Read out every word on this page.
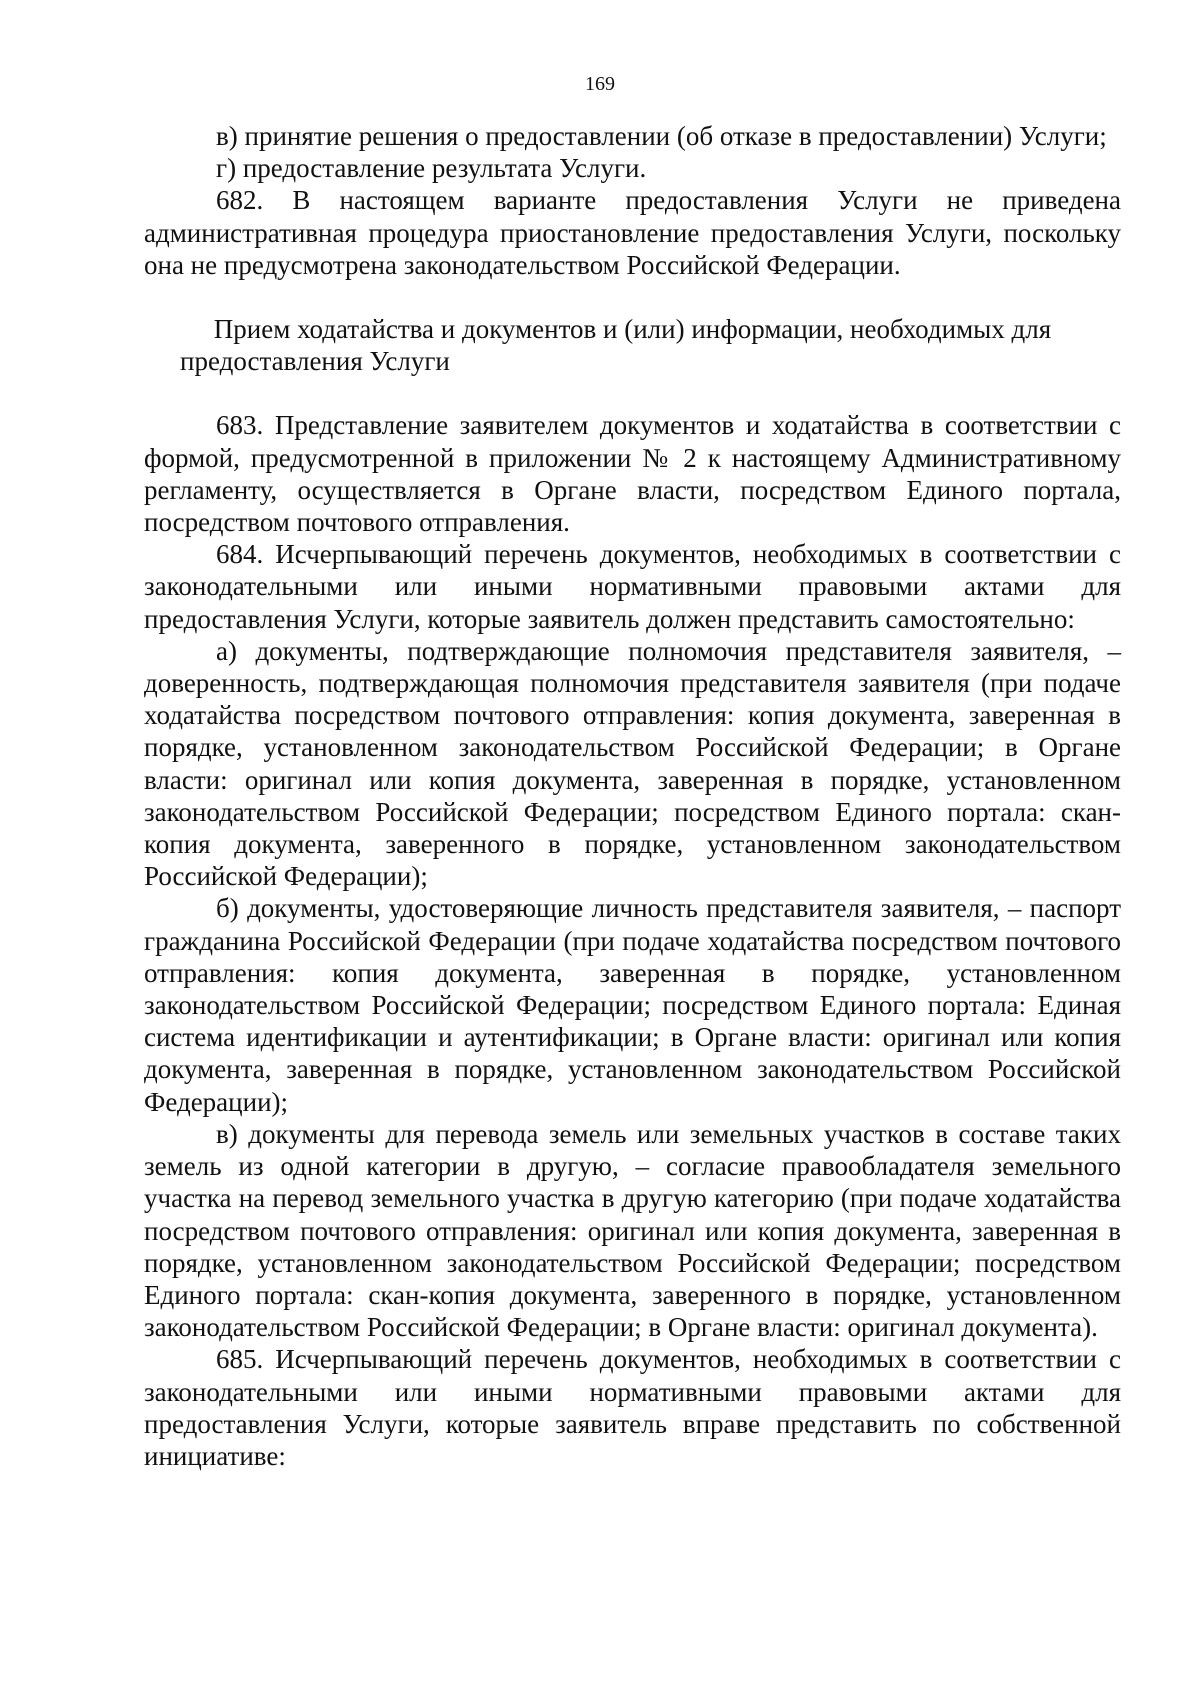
169

в) принятие решения о предоставлении (об отказе в предоставлении) Услуги;

г) предоставление результата Услуги.

682. В настоящем варианте предоставления Услуги не приведена административная процедура приостановление предоставления Услуги, поскольку она не предусмотрена законодательством Российской Федерации.

Прием ходатайства и документов и (или) информации, необходимых для предоставления Услуги

683. Представление заявителем документов и ходатайства в соответствии с формой, предусмотренной в приложении № 2 к настоящему Административному регламенту, осуществляется в Органе власти, посредством Единого портала, посредством почтового отправления.

684. Исчерпывающий перечень документов, необходимых в соответствии с законодательными или иными нормативными правовыми актами для предоставления Услуги, которые заявитель должен представить самостоятельно:

а) документы, подтверждающие полномочия представителя заявителя, – доверенность, подтверждающая полномочия представителя заявителя (при подаче ходатайства посредством почтового отправления: копия документа, заверенная в порядке, установленном законодательством Российской Федерации; в Органе власти: оригинал или копия документа, заверенная в порядке, установленном законодательством Российской Федерации; посредством Единого портала: скан-копия документа, заверенного в порядке, установленном законодательством Российской Федерации);

б) документы, удостоверяющие личность представителя заявителя, – паспорт гражданина Российской Федерации (при подаче ходатайства посредством почтового отправления: копия документа, заверенная в порядке, установленном законодательством Российской Федерации; посредством Единого портала: Единая система идентификации и аутентификации; в Органе власти: оригинал или копия документа, заверенная в порядке, установленном законодательством Российской Федерации);

в) документы для перевода земель или земельных участков в составе таких земель из одной категории в другую, – согласие правообладателя земельного участка на перевод земельного участка в другую категорию (при подаче ходатайства посредством почтового отправления: оригинал или копия документа, заверенная в порядке, установленном законодательством Российской Федерации; посредством Единого портала: скан-копия документа, заверенного в порядке, установленном законодательством Российской Федерации; в Органе власти: оригинал документа).

685. Исчерпывающий перечень документов, необходимых в соответствии с законодательными или иными нормативными правовыми актами для предоставления Услуги, которые заявитель вправе представить по собственной инициативе:
